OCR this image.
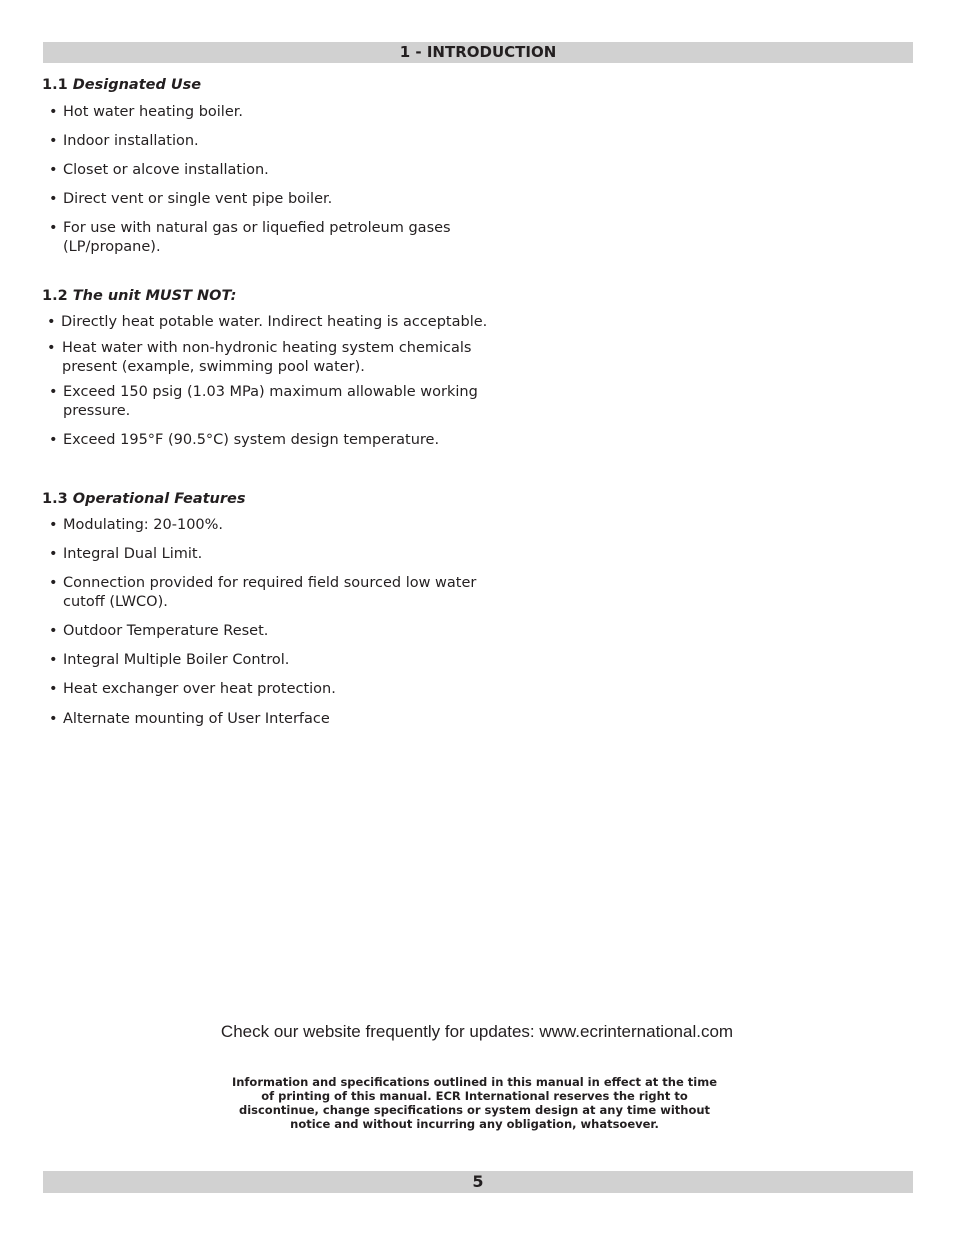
1 - INTRODUCTION
1.1 Designated Use
• Hot water heating boiler.
• Indoor installation.
• Closet or alcove installation.
• Direct vent or single vent pipe boiler.
• For use with natural gas or liquefied petroleum gases (LP/propane).
1.2 The unit MUST NOT:
• Directly heat potable water. Indirect heating is acceptable.
• Heat water with non-hydronic heating system chemicals present (example, swimming pool water).
• Exceed 150 psig (1.03 MPa) maximum allowable working pressure.
• Exceed 195°F (90.5°C) system design temperature.
1.3 Operational Features
• Modulating: 20-100%.
• Integral Dual Limit.
• Connection provided for required field sourced low water cutoff (LWCO).
• Outdoor Temperature Reset.
• Integral Multiple Boiler Control.
• Heat exchanger over heat protection.
• Alternate mounting of User Interface
Check our website frequently for updates: www.ecrinternational.com
Information and specifications outlined in this manual in effect at the time of printing of this manual. ECR International reserves the right to discontinue, change specifications or system design at any time without notice and without incurring any obligation, whatsoever.
5
